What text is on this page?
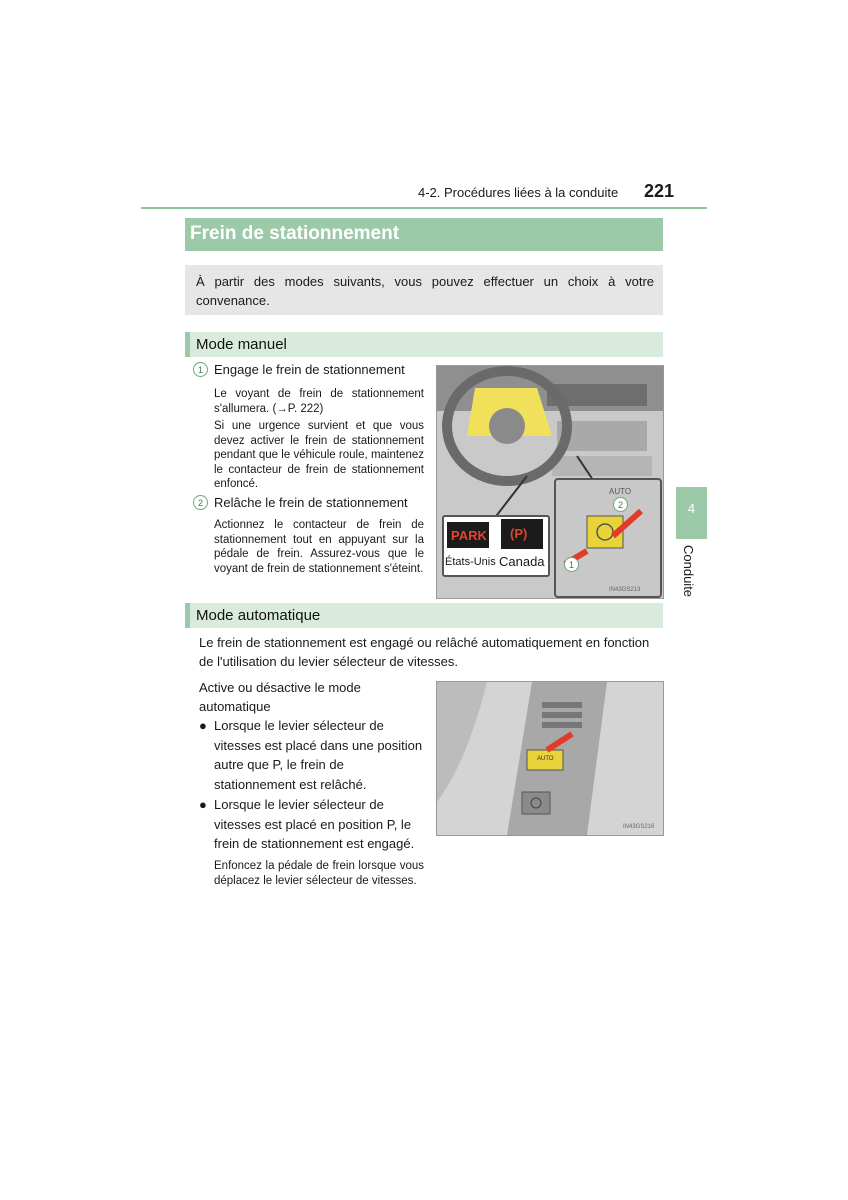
4-2. Procédures liées à la conduite 221
Frein de stationnement
À partir des modes suivants, vous pouvez effectuer un choix à votre convenance.
Mode manuel
1 Engage le frein de stationnement
Le voyant de frein de stationnement s'allumera. (→P. 222)
Si une urgence survient et que vous devez activer le frein de stationnement pendant que le véhicule roule, maintenez le contacteur de frein de stationnement enfoncé.
2 Relâche le frein de stationnement
Actionnez le contacteur de frein de stationnement tout en appuyant sur la pédale de frein. Assurez-vous que le voyant de frein de stationnement s'éteint.
PARK (P)
États-Unis Canada
AUTO
2
1
IN43GS213
Mode automatique
Le frein de stationnement est engagé ou relâché automatiquement en fonction de l'utilisation du levier sélecteur de vitesses.
Active ou désactive le mode automatique
● Lorsque le levier sélecteur de vitesses est placé dans une position autre que P, le frein de stationnement est relâché.
● Lorsque le levier sélecteur de vitesses est placé en position P, le frein de stationnement est engagé.
Enfoncez la pédale de frein lorsque vous déplacez le levier sélecteur de vitesses.
AUTO
IN43GS216
4
Conduite
